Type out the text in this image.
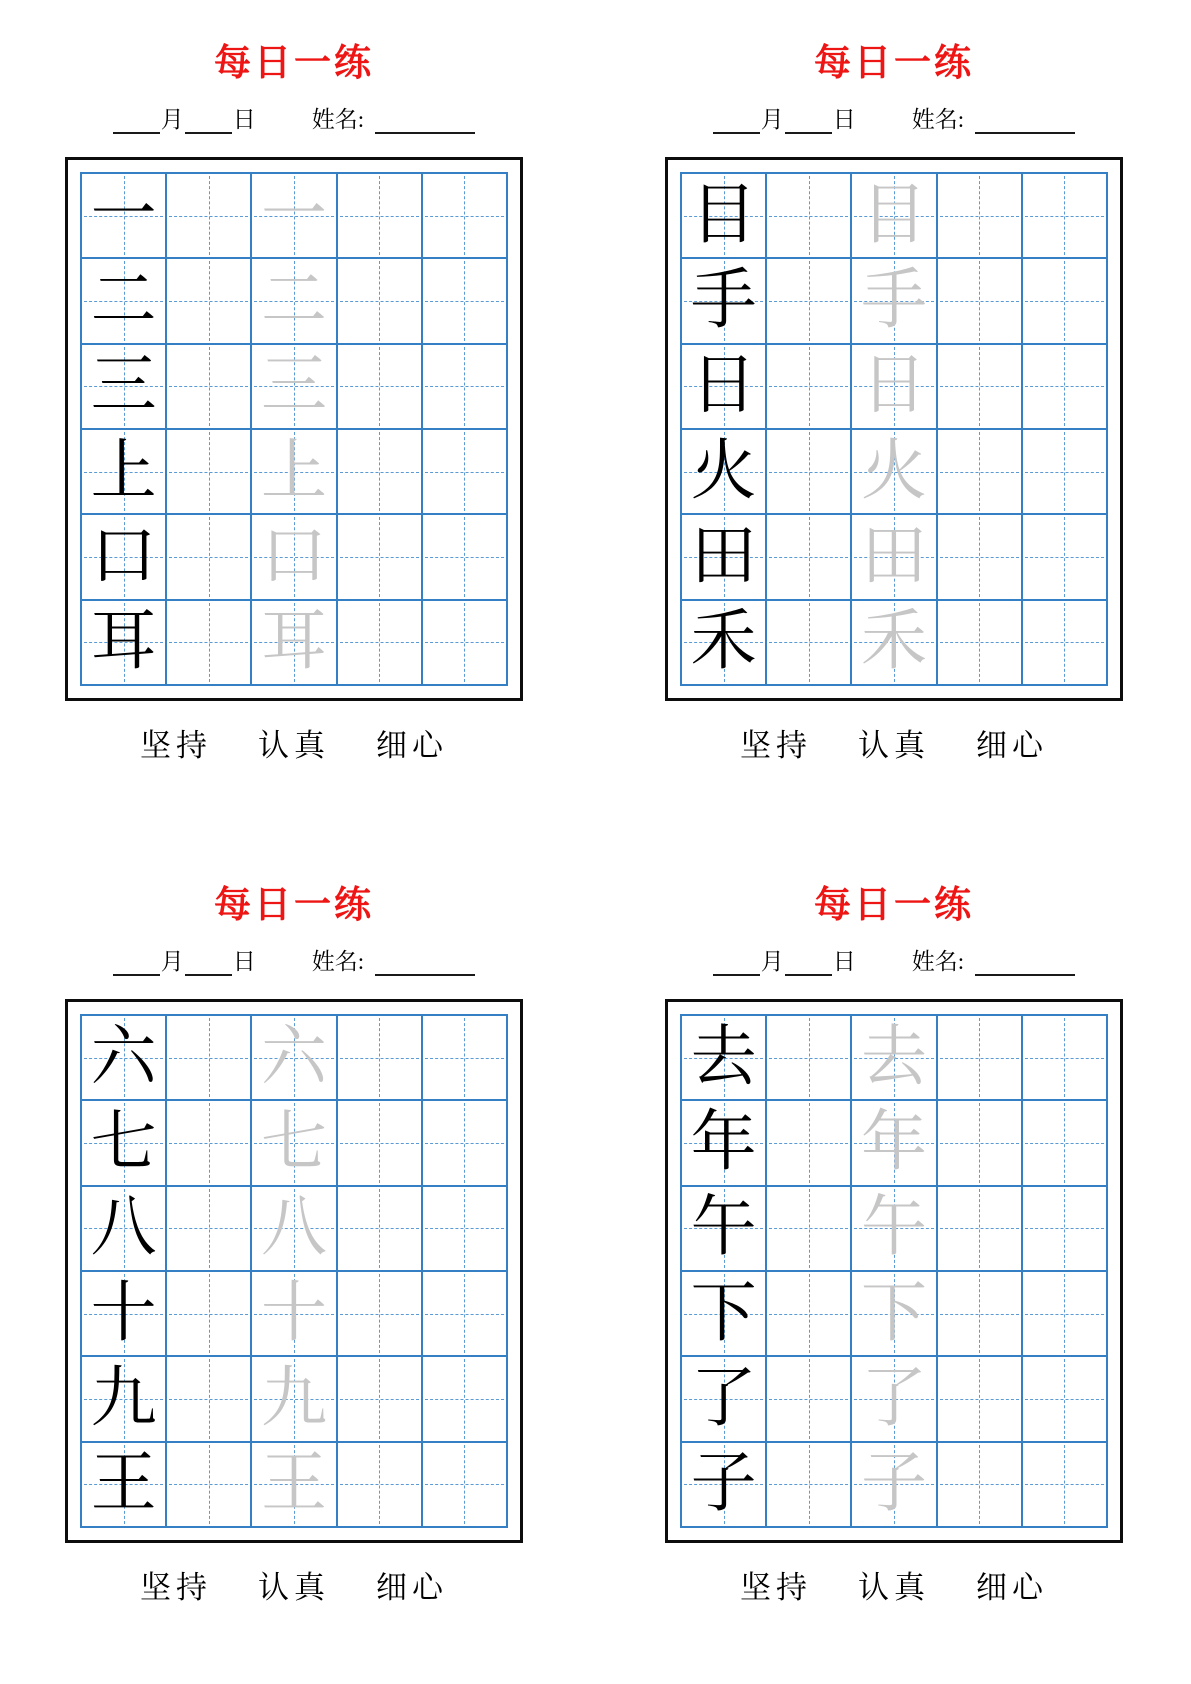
每日一练
月 日 姓名:
一 一
二 二
三 三
上 上
口 口
耳 耳
坚持 认真 细心
每日一练
月 日 姓名:
目 目
手 手
日 日
火 火
田 田
禾 禾
坚持 认真 细心
每日一练
月 日 姓名:
六 六
七 七
八 八
十 十
九 九
王 王
坚持 认真 细心
每日一练
月 日 姓名:
去 去
年 年
午 午
下 下
了 了
子 子
坚持 认真 细心
